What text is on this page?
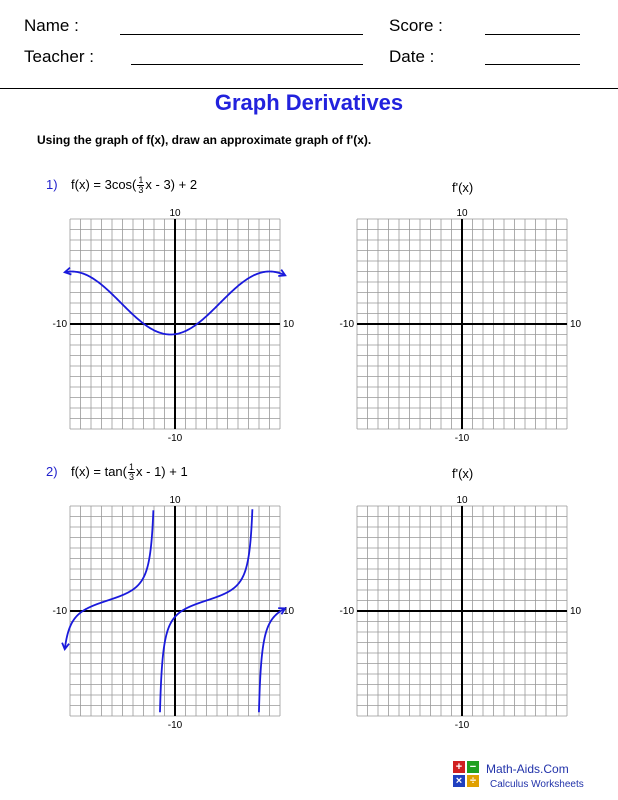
Name :	Score :
Teacher :	Date :
Graph Derivatives
Using the graph of f(x), draw an approximate graph of f'(x).
1) $f(x) = 3\cos( \frac{1}{3}$ x - 3) + 2	f'(x)
10
-10
-10	10
10
-10
-10	10
2) $f(x) = \tan( \frac{1}{3}$ x - 1) + 1	f'(x)
10
-10
-10	10
10
-10
-10	10
+ −
× ÷
Math-Aids.Com
Calculus Worksheets
